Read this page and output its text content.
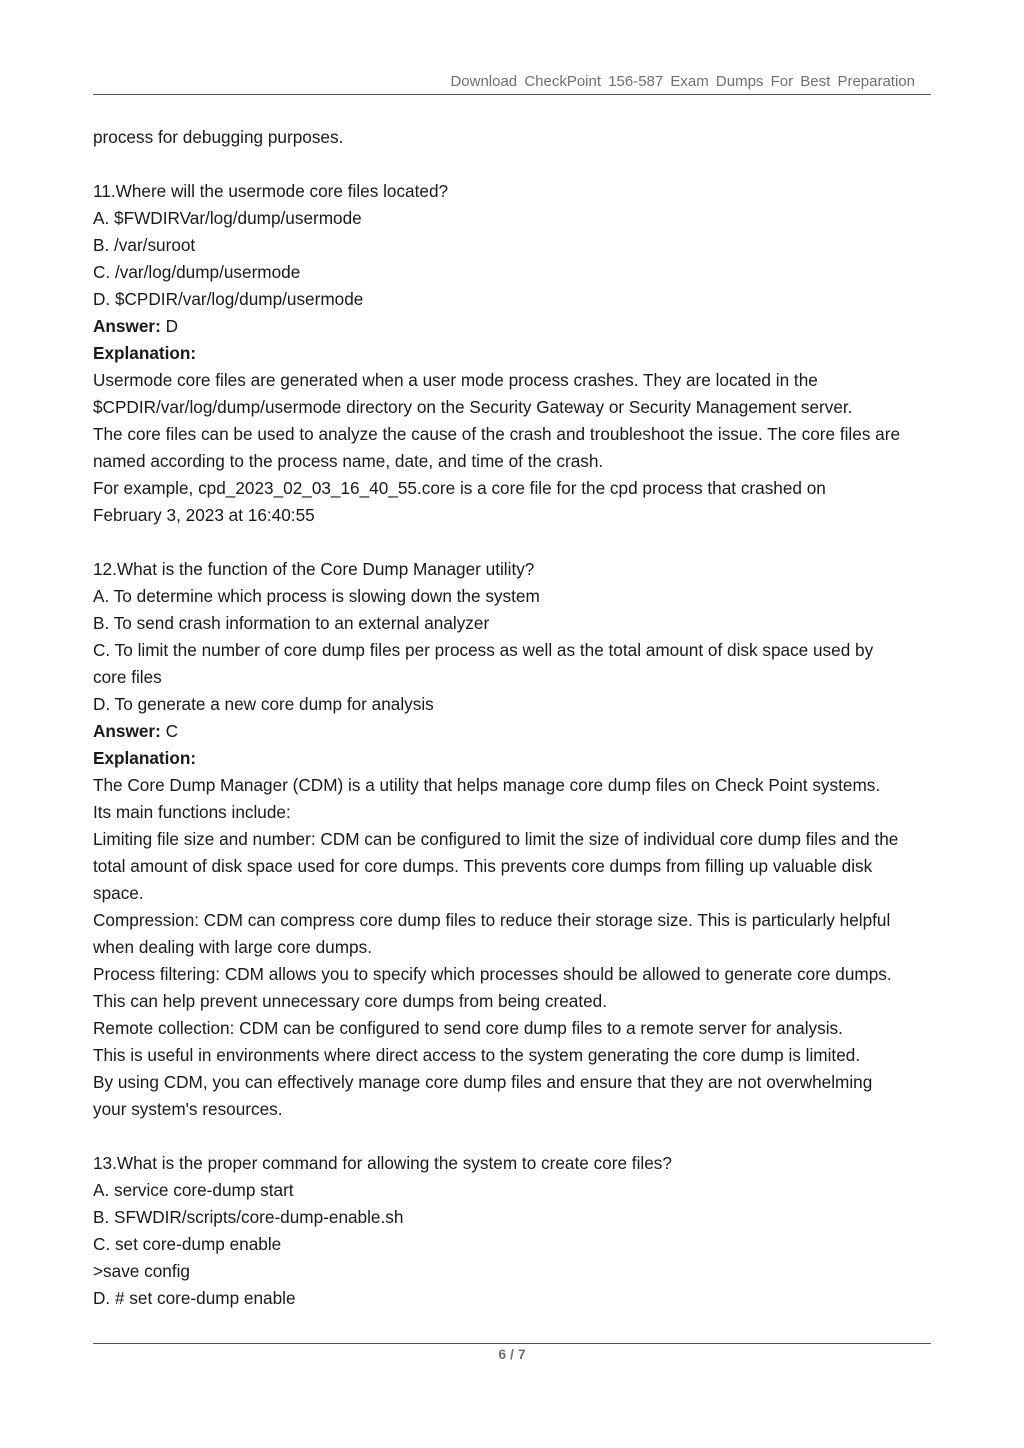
Download CheckPoint 156-587 Exam Dumps For Best Preparation
process for debugging purposes.
11.Where will the usermode core files located?
A. $FWDIRVar/log/dump/usermode
B. /var/suroot
C. /var/log/dump/usermode
D. $CPDIR/var/log/dump/usermode
Answer: D
Explanation:
Usermode core files are generated when a user mode process crashes. They are located in the
$CPDIR/var/log/dump/usermode directory on the Security Gateway or Security Management server.
The core files can be used to analyze the cause of the crash and troubleshoot the issue. The core files are
named according to the process name, date, and time of the crash.
For example, cpd_2023_02_03_16_40_55.core is a core file for the cpd process that crashed on
February 3, 2023 at 16:40:55
12.What is the function of the Core Dump Manager utility?
A. To determine which process is slowing down the system
B. To send crash information to an external analyzer
C. To limit the number of core dump files per process as well as the total amount of disk space used by
core files
D. To generate a new core dump for analysis
Answer: C
Explanation:
The Core Dump Manager (CDM) is a utility that helps manage core dump files on Check Point systems.
Its main functions include:
Limiting file size and number: CDM can be configured to limit the size of individual core dump files and the
total amount of disk space used for core dumps. This prevents core dumps from filling up valuable disk
space.
Compression: CDM can compress core dump files to reduce their storage size. This is particularly helpful
when dealing with large core dumps.
Process filtering: CDM allows you to specify which processes should be allowed to generate core dumps.
This can help prevent unnecessary core dumps from being created.
Remote collection: CDM can be configured to send core dump files to a remote server for analysis.
This is useful in environments where direct access to the system generating the core dump is limited.
By using CDM, you can effectively manage core dump files and ensure that they are not overwhelming
your system's resources.
13.What is the proper command for allowing the system to create core files?
A. service core-dump start
B. SFWDIR/scripts/core-dump-enable.sh
C. set core-dump enable
>save config
D. # set core-dump enable
6 / 7
